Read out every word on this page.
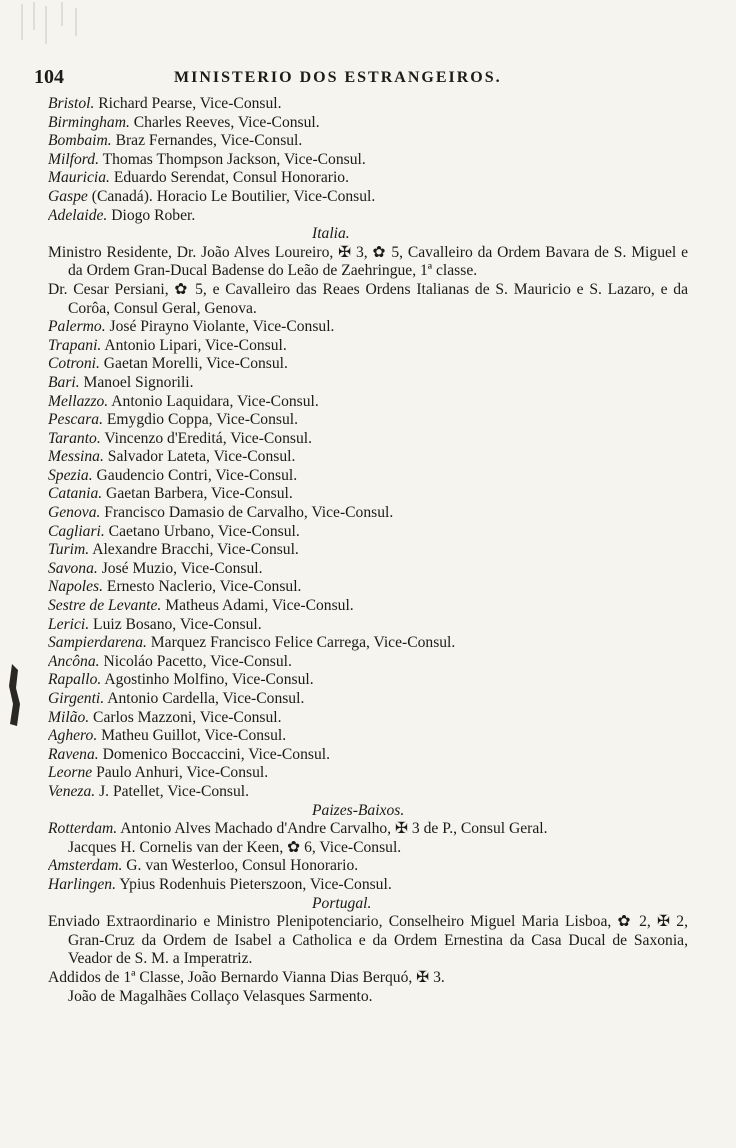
104	MINISTERIO DOS ESTRANGEIROS.
Bristol. Richard Pearse, Vice-Consul.
Birmingham. Charles Reeves, Vice-Consul.
Bombaim. Braz Fernandes, Vice-Consul.
Milford. Thomas Thompson Jackson, Vice-Consul.
Mauricia. Eduardo Serendat, Consul Honorario.
Gaspe (Canadá). Horacio Le Boutilier, Vice-Consul.
Adelaide. Diogo Rober.
Italia.
Ministro Residente, Dr. João Alves Loureiro, ✠ 3, ✿ 5, Cavalleiro da Ordem Bavara de S. Miguel e da Ordem Gran-Ducal Badense do Leão de Zaehringue, 1ª classe.
Dr. Cesar Persiani, ✿ 5, e Cavalleiro das Reaes Ordens Italianas de S. Mauricio e S. Lazaro, e da Corôa, Consul Geral, Genova.
Palermo. José Pirayno Violante, Vice-Consul.
Trapani. Antonio Lipari, Vice-Consul.
Cotroni. Gaetan Morelli, Vice-Consul.
Bari. Manoel Signorili.
Mellazzo. Antonio Laquidara, Vice-Consul.
Pescara. Emygdio Coppa, Vice-Consul.
Taranto. Vincenzo d'Ereditá, Vice-Consul.
Messina. Salvador Lateta, Vice-Consul.
Spezia. Gaudencio Contri, Vice-Consul.
Catania. Gaetan Barbera, Vice-Consul.
Genova. Francisco Damasio de Carvalho, Vice-Consul.
Cagliari. Caetano Urbano, Vice-Consul.
Turim. Alexandre Bracchi, Vice-Consul.
Savona. José Muzio, Vice-Consul.
Napoles. Ernesto Naclerio, Vice-Consul.
Sestre de Levante. Matheus Adami, Vice-Consul.
Lerici. Luiz Bosano, Vice-Consul.
Sampierdarena. Marquez Francisco Felice Carrega, Vice-Consul.
Ancôna. Nicoláo Pacetto, Vice-Consul.
Rapallo. Agostinho Molfino, Vice-Consul.
Girgenti. Antonio Cardella, Vice-Consul.
Milão. Carlos Mazzoni, Vice-Consul.
Aghero. Matheu Guillot, Vice-Consul.
Ravena. Domenico Boccaccini, Vice-Consul.
Leorne Paulo Anhuri, Vice-Consul.
Veneza. J. Patellet, Vice-Consul.
Paizes-Baixos.
Rotterdam. Antonio Alves Machado d'Andre Carvalho, ✠ 3 de P., Consul Geral.
Jacques H. Cornelis van der Keen, ✿ 6, Vice-Consul.
Amsterdam. G. van Westerloo, Consul Honorario.
Harlingen. Ypius Rodenhuis Pieterszoon, Vice-Consul.
Portugal.
Enviado Extraordinario e Ministro Plenipotenciario, Conselheiro Miguel Maria Lisboa, ✿ 2, ✠ 2, Gran-Cruz da Ordem de Isabel a Catholica e da Ordem Ernestina da Casa Ducal de Saxonia, Veador de S. M. a Imperatriz.
Addidos de 1ª Classe, João Bernardo Vianna Dias Berquó, ✠ 3.
João de Magalhães Collaço Velasques Sarmento.
